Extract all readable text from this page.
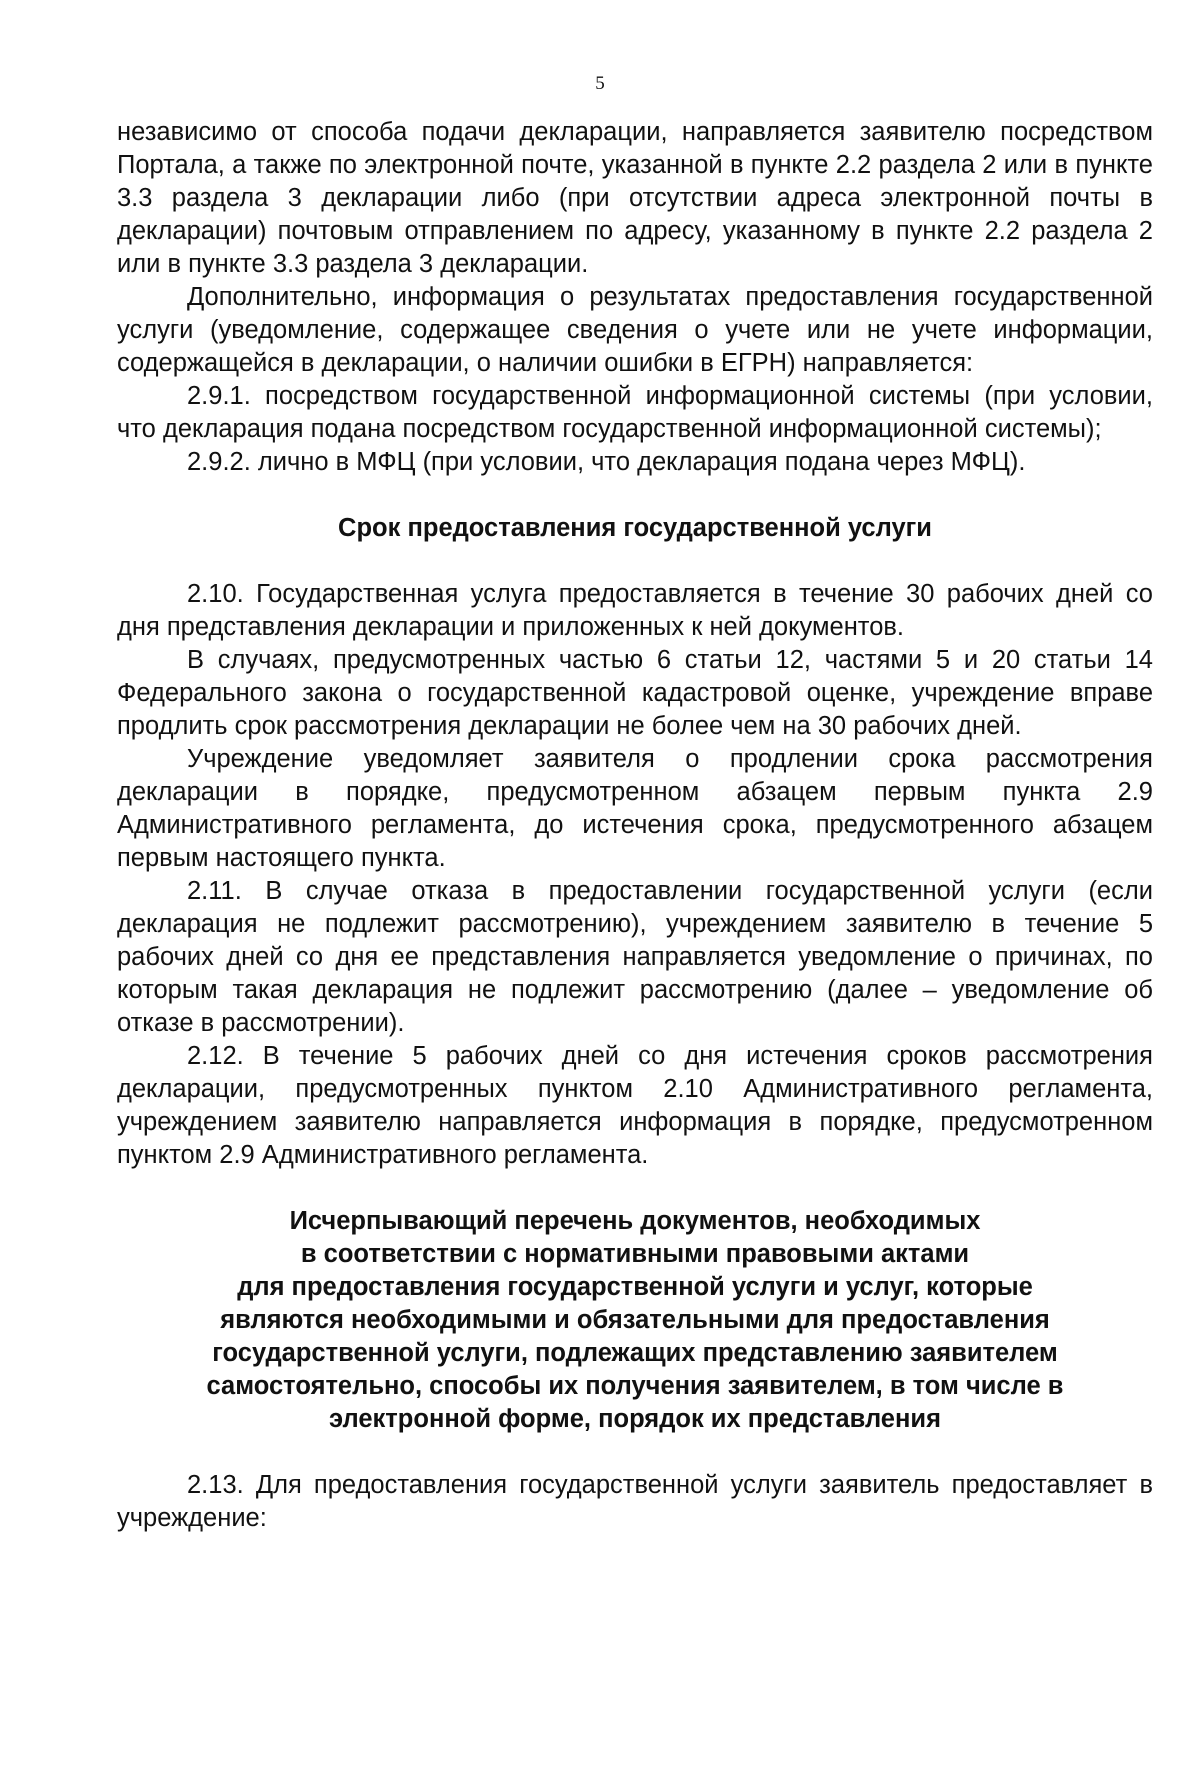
5

независимо от способа подачи декларации, направляется заявителю посредством Портала, а также по электронной почте, указанной в пункте 2.2 раздела 2 или в пункте 3.3 раздела 3 декларации либо (при отсутствии адреса электронной почты в декларации) почтовым отправлением по адресу, указанному в пункте 2.2 раздела 2 или в пункте 3.3 раздела 3 декларации.

Дополнительно, информация о результатах предоставления государственной услуги (уведомление, содержащее сведения о учете или не учете информации, содержащейся в декларации, о наличии ошибки в ЕГРН) направляется:

2.9.1. посредством государственной информационной системы (при условии, что декларация подана посредством государственной информационной системы);

2.9.2. лично в МФЦ (при условии, что декларация подана через МФЦ).

Срок предоставления государственной услуги

2.10. Государственная услуга предоставляется в течение 30 рабочих дней со дня представления декларации и приложенных к ней документов.

В случаях, предусмотренных частью 6 статьи 12, частями 5 и 20 статьи 14 Федерального закона о государственной кадастровой оценке, учреждение вправе продлить срок рассмотрения декларации не более чем на 30 рабочих дней.

Учреждение уведомляет заявителя о продлении срока рассмотрения декларации в порядке, предусмотренном абзацем первым пункта 2.9 Административного регламента, до истечения срока, предусмотренного абзацем первым настоящего пункта.

2.11. В случае отказа в предоставлении государственной услуги (если декларация не подлежит рассмотрению), учреждением заявителю в течение 5 рабочих дней со дня ее представления направляется уведомление о причинах, по которым такая декларация не подлежит рассмотрению (далее – уведомление об отказе в рассмотрении).

2.12. В течение 5 рабочих дней со дня истечения сроков рассмотрения декларации, предусмотренных пунктом 2.10 Административного регламента, учреждением заявителю направляется информация в порядке, предусмотренном пунктом 2.9 Административного регламента.

Исчерпывающий перечень документов, необходимых
в соответствии с нормативными правовыми актами
для предоставления государственной услуги и услуг, которые
являются необходимыми и обязательными для предоставления
государственной услуги, подлежащих представлению заявителем
самостоятельно, способы их получения заявителем, в том числе в
электронной форме, порядок их представления

2.13. Для предоставления государственной услуги заявитель предоставляет в учреждение:
